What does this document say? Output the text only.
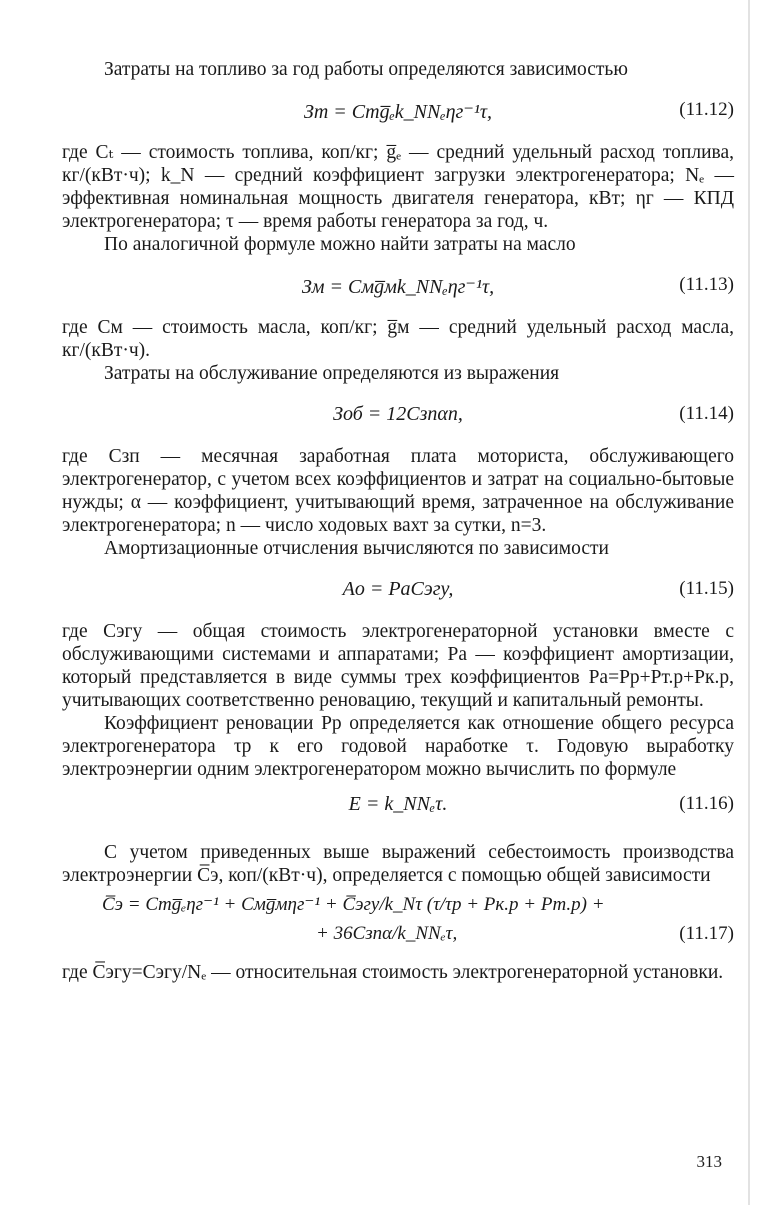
Затраты на топливо за год работы определяются зависимостью

Зт = Cтg̅ₑk_NNₑηг⁻¹τ,	(11.12)

где Сₜ — стоимость топлива, коп/кг; g̅ₑ — средний удельный расход топлива, кг/(кВт·ч); k_N — средний коэффициент загрузки электрогенератора; Nₑ — эффективная номинальная мощность двигателя генератора, кВт; ηг — КПД электрогенератора; τ — время работы генератора за год, ч.

По аналогичной формуле можно найти затраты на масло

Зм = Cмg̅мk_NNₑηг⁻¹τ,	(11.13)

где Cм — стоимость масла, коп/кг; g̅м — средний удельный расход масла, кг/(кВт·ч).

Затраты на обслуживание определяются из выражения

Зоб = 12Cзпαn,	(11.14)

где Cзп — месячная заработная плата моториста, обслуживающего электрогенератор, с учетом всех коэффициентов и затрат на социально-бытовые нужды; α — коэффициент, учитывающий время, затраченное на обслуживание электрогенератора; n — число ходовых вахт за сутки, n=3.

Амортизационные отчисления вычисляются по зависимости

Aо = PаCэгу,	(11.15)

где Cэгу — общая стоимость электрогенераторной установки вместе с обслуживающими системами и аппаратами; Pа — коэффициент амортизации, который представляется в виде суммы трех коэффициентов Pа=Pр+Pт.р+Pк.р, учитывающих соответственно реновацию, текущий и капитальный ремонты.

Коэффициент реновации Pр определяется как отношение общего ресурса электрогенератора τр к его годовой наработке τ. Годовую выработку электроэнергии одним электрогенератором можно вычислить по формуле

E = k_NNₑτ.	(11.16)

С учетом приведенных выше выражений себестоимость производства электроэнергии C̅э, коп/(кВт·ч), определяется с помощью общей зависимости

C̅э = Cтg̅ₑηг⁻¹ + Cмg̅мηг⁻¹ + C̅эгу/k_Nτ (τ/τр + Pк.р + Pт.р) +
+ 36Cзпα/k_NNₑτ,	(11.17)

где C̅эгу=Cэгу/Nₑ — относительная стоимость электрогенераторной установки.

313
